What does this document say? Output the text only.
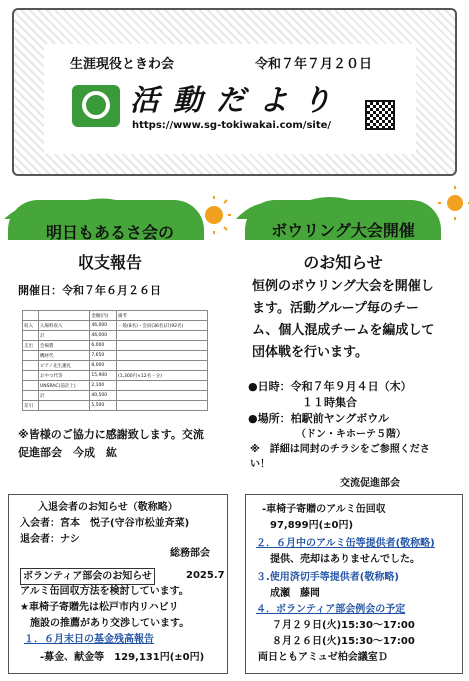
生涯現役ときわ会	令和７年７月２０日
活動だより
https://www.sg-tokiwakai.com/site/
明日もあるさ会の
収支報告
開催日：令和７年６月２６日
		金額(円)	備考
収入	入場料収入	46,000	一般(8名)・会員(36名)計(92名)
	計	46,000	
支出	会場費	6,000	
	機材代	7,650	
	ピアノ先生謝礼	8,000	
	おやつ代等	15,900	(1,300円×12名・分)
	UNSRAC(前計上)	2,100	
	計	40,500	
差引		5,500	
※皆様のご協力に感謝致します。交流促進部会　今成　紘
ボウリング大会開催
のお知らせ
恒例のボウリング大会を開催します。活動グループ毎のチーム、個人混成チームを編成して団体戦を行います。
●日時：令和７年９月４日（木）
１１時集合
●場所：柏駅前ヤングボウル
（ドン・キホーテ５階）
※　詳細は同封のチラシをご参照ください！
交流促進部会
入退会者のお知らせ（敬称略）
入会者：宮本　悦子(守谷市松並斉菜)
退会者：ナシ
総務部会
ボランティア部会のお知らせ	2025.7
アルミ缶回収方法を検討しています。
★車椅子寄贈先は松戸市内リハビリ
施設の推薦があり交渉しています。
１．６月末日の基金残高報告
-募金、献金等　129,131円(±0円)
-車椅子寄贈のアルミ缶回収
97,899円(±0円)
２．６月中のアルミ缶等提供者(敬称略)
提供、売却はありませんでした。
３.使用済切手等提供者(敬称略)
成瀬　藤岡
４．ボランティア部会例会の予定
７月２９日(火)15:30～17:00
８月２６日(火)15:30～17:00
両日ともアミュゼ柏会議室Ｄ
